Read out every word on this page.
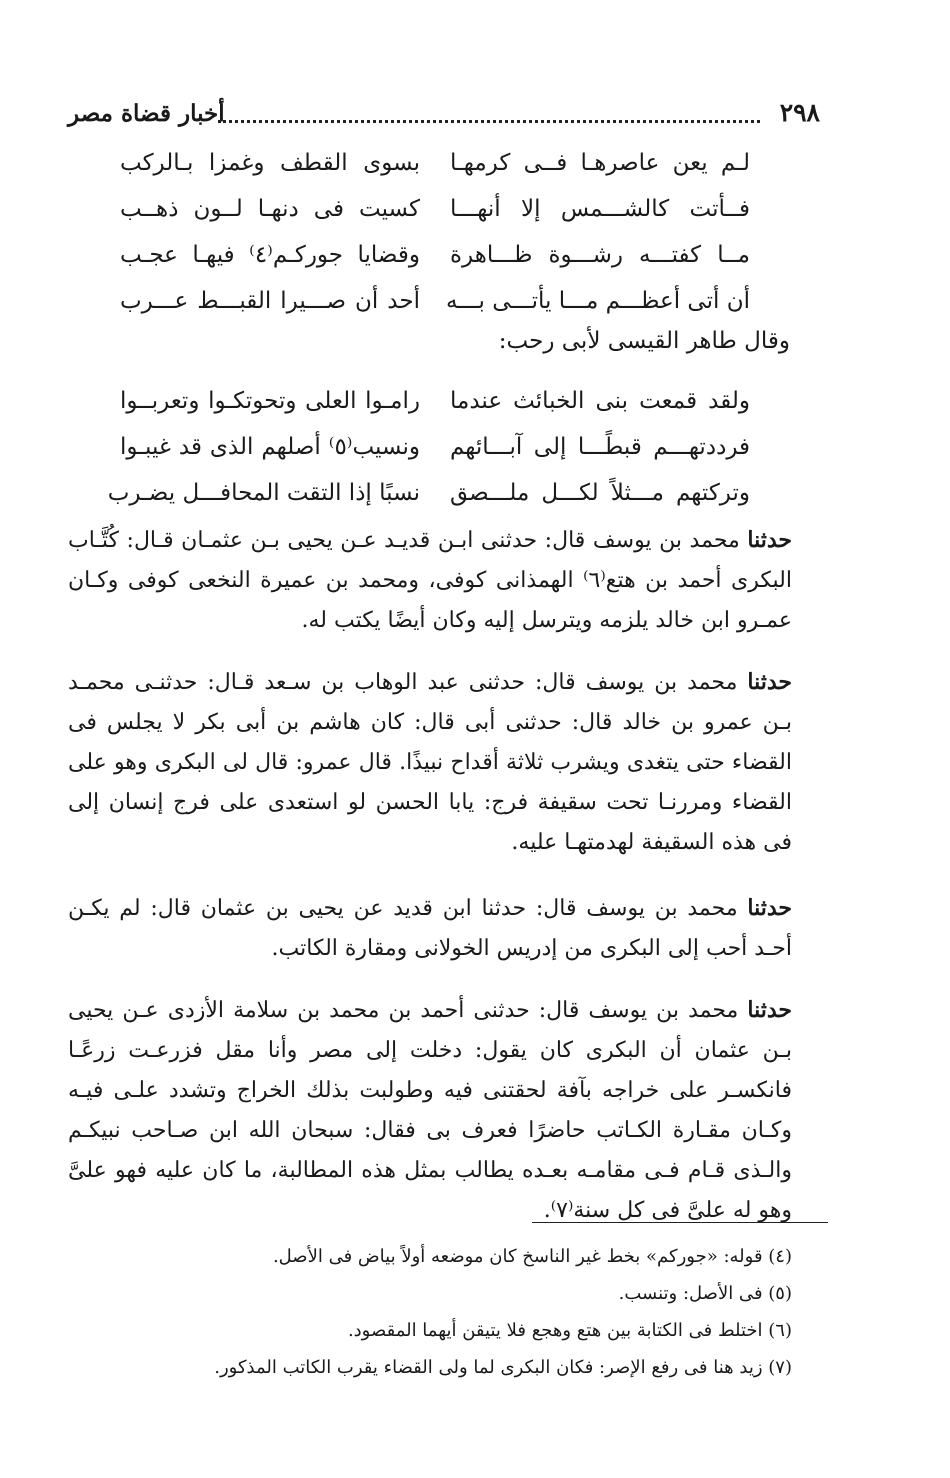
٢٩٨
أخبار قضاة مصر
لـم يعن عاصرهـا فــى كرمهـا
بسوى القطف وغمزا بـالركب
فــأتت كالشـــمس إلا أنهـــا
كسيت فى دنهـا لــون ذهــب
مــا كفتـــه رشـــوة ظـــاهرة
وقضايا جوركـم⁽٤⁾ فيهـا عجـب
أن أتى أعظـــم مـــا يأتـــى بـــه
أحد أن صـــيرا القبـــط عـــرب
وقال طاهر القيسى لأبى رحب:
ولقد قمعت بنى الخبائث عندما
رامـوا العلى وتحوتكـوا وتعربــوا
فرددتهـــم قبطًـــا إلى آبـــائهم
ونسيب⁽٥⁾ أصلهم الذى قد غيبـوا
وتركتهم مـــثلاً لكـــل ملـــصق
نسبًا إذا التقت المحافـــل يضـرب
حدثنا محمد بن يوسف قال: حدثنى ابـن قديـد عـن يحيى بـن عثمـان قـال: كُتَّـاب البكرى أحمد بن هتع⁽٦⁾ الهمذانى كوفى، ومحمد بن عميرة النخعى كوفى وكـان عمـرو ابن خالد يلزمه ويترسل إليه وكان أيضًا يكتب له.
حدثنا محمد بن يوسف قال: حدثنى عبد الوهاب بن سـعد قـال: حدثنـى محمـد بـن عمرو بن خالد قال: حدثنى أبى قال: كان هاشم بن أبى بكر لا يجلس فى القضاء حتى يتغدى ويشرب ثلاثة أقداح نبيذًا. قال عمرو: قال لى البكرى وهو على القضاء ومررنـا تحت سقيفة فرج: يابا الحسن لو استعدى على فرج إنسان إلى فى هذه السقيفة لهدمتهـا عليه.
حدثنا محمد بن يوسف قال: حدثنا ابن قديد عن يحيى بن عثمان قال: لم يكـن أحـد أحب إلى البكرى من إدريس الخولانى ومقارة الكاتب.
حدثنا محمد بن يوسف قال: حدثنى أحمد بن محمد بن سلامة الأزدى عـن يحيى بـن عثمان أن البكرى كان يقول: دخلت إلى مصر وأنا مقل فزرعـت زرعًـا فانكسـر على خراجه بآفة لحقتنى فيه وطولبت بذلك الخراج وتشدد علـى فيـه وكـان مقـارة الكـاتب حاضرًا فعرف بى فقال: سبحان الله ابن صـاحب نبيكـم والـذى قـام فـى مقامـه بعـده يطالب بمثل هذه المطالبة، ما كان عليه فهو علىَّ وهو له علىَّ فى كل سنة⁽٧⁾.
(٤) قوله: «جوركم» بخط غير الناسخ كان موضعه أولاً بياض فى الأصل.
(٥) فى الأصل: وتنسب.
(٦) اختلط فى الكتابة بين هتع وهجع فلا يتيقن أيهما المقصود.
(٧) زيد هنا فى رفع الإصر: فكان البكرى لما ولى القضاء يقرب الكاتب المذكور.
